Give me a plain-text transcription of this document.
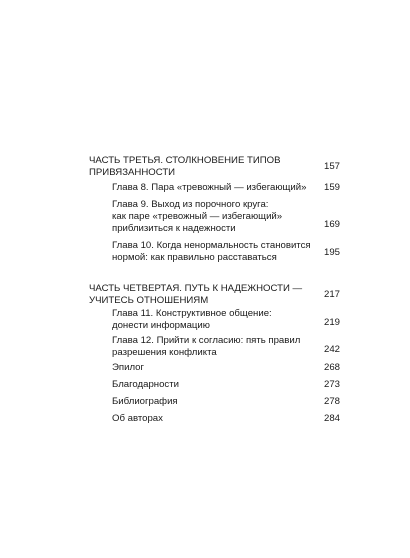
ЧАСТЬ ТРЕТЬЯ. СТОЛКНОВЕНИЕ ТИПОВ
ПРИВЯЗАННОСТИ
157
Глава 8. Пара «тревожный — избегающий» 159
Глава 9. Выход из порочного круга:
как паре «тревожный — избегающий»
приблизиться к надежности	169
Глава 10. Когда ненормальность становится
нормой: как правильно расставаться	195
ЧАСТЬ ЧЕТВЕРТАЯ. ПУТЬ К НАДЕЖНОСТИ —
УЧИТЕСЬ ОТНОШЕНИЯМ
217
Глава 11. Конструктивное общение:
донести информацию	219
Глава 12. Прийти к согласию: пять правил
разрешения конфликта	242
Эпилог	268
Благодарности	273
Библиография	278
Об авторах	284
